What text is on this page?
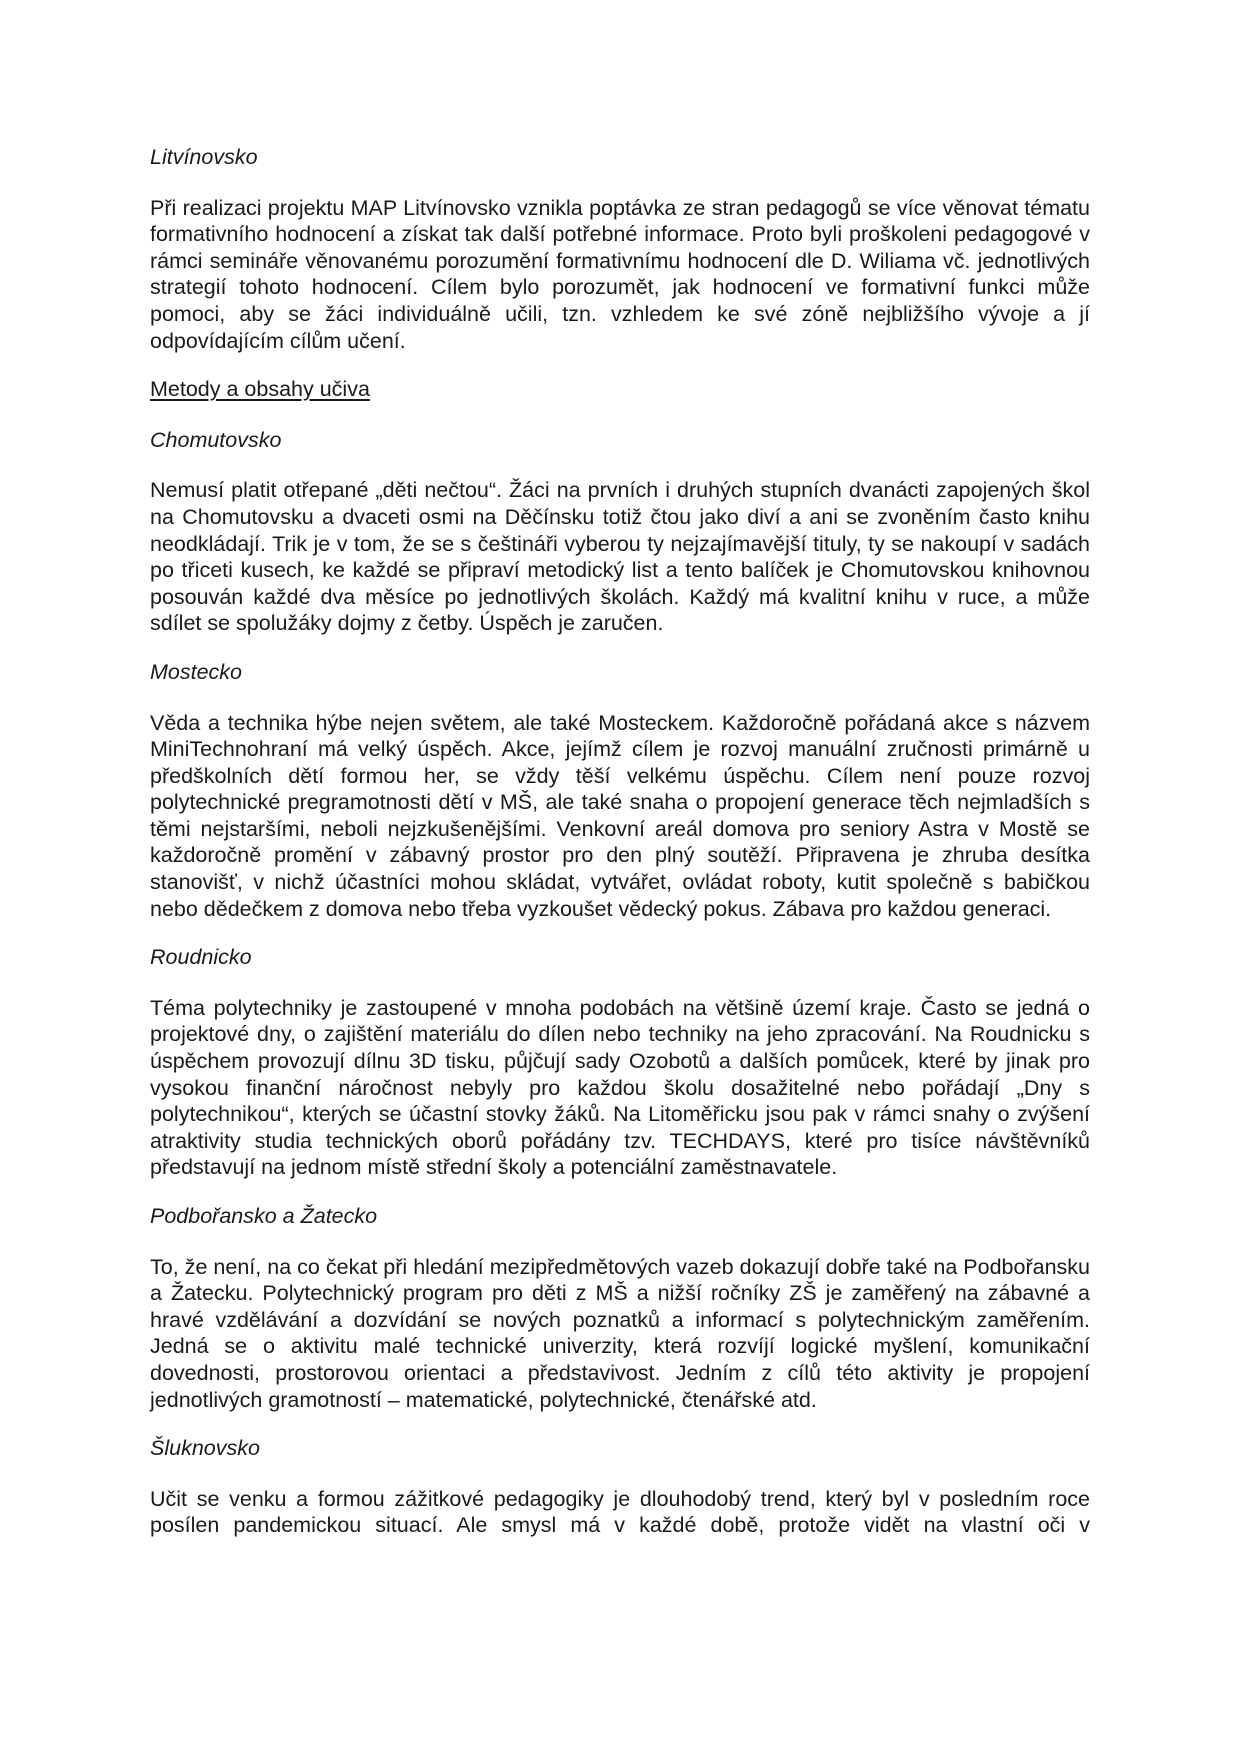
Litvínovsko

Při realizaci projektu MAP Litvínovsko vznikla poptávka ze stran pedagogů se více věnovat tématu formativního hodnocení a získat tak další potřebné informace. Proto byli proškoleni pedagogové v rámci semináře věnovanému porozumění formativnímu hodnocení dle D. Wiliama vč. jednotlivých strategií tohoto hodnocení. Cílem bylo porozumět, jak hodnocení ve formativní funkci může pomoci, aby se žáci individuálně učili, tzn. vzhledem ke své zóně nejbližšího vývoje a jí odpovídajícím cílům učení.

Metody a obsahy učiva

Chomutovsko

Nemusí platit otřepané „děti nečtou“. Žáci na prvních i druhých stupních dvanácti zapojených škol na Chomutovsku a dvaceti osmi na Děčínsku totiž čtou jako diví a ani se zvoněním často knihu neodkládají. Trik je v tom, že se s češtináři vyberou ty nejzajímavější tituly, ty se nakoupí v sadách po třiceti kusech, ke každé se připraví metodický list a tento balíček je Chomutovskou knihovnou posouván každé dva měsíce po jednotlivých školách. Každý má kvalitní knihu v ruce, a může sdílet se spolužáky dojmy z četby. Úspěch je zaručen.

Mostecko

Věda a technika hýbe nejen světem, ale také Mosteckem. Každoročně pořádaná akce s názvem MiniTechnohraní má velký úspěch. Akce, jejímž cílem je rozvoj manuální zručnosti primárně u předškolních dětí formou her, se vždy těší velkému úspěchu. Cílem není pouze rozvoj polytechnické pregramotnosti dětí v MŠ, ale také snaha o propojení generace těch nejmladších s těmi nejstaršími, neboli nejzkušenějšími. Venkovní areál domova pro seniory Astra v Mostě se každoročně promění v zábavný prostor pro den plný soutěží. Připravena je zhruba desítka stanovišť, v nichž účastníci mohou skládat, vytvářet, ovládat roboty, kutit společně s babičkou nebo dědečkem z domova nebo třeba vyzkoušet vědecký pokus. Zábava pro každou generaci.

Roudnicko

Téma polytechniky je zastoupené v mnoha podobách na většině území kraje. Často se jedná o projektové dny, o zajištění materiálu do dílen nebo techniky na jeho zpracování. Na Roudnicku s úspěchem provozují dílnu 3D tisku, půjčují sady Ozobotů a dalších pomůcek, které by jinak pro vysokou finanční náročnost nebyly pro každou školu dosažitelné nebo pořádají „Dny s polytechnikou“, kterých se účastní stovky žáků. Na Litoměřicku jsou pak v rámci snahy o zvýšení atraktivity studia technických oborů pořádány tzv. TECHDAYS, které pro tisíce návštěvníků představují na jednom místě střední školy a potenciální zaměstnavatele.

Podbořansko a Žatecko

To, že není, na co čekat při hledání mezipředmětových vazeb dokazují dobře také na Podbořansku a Žatecku. Polytechnický program pro děti z MŠ a nižší ročníky ZŠ je zaměřený na zábavné a hravé vzdělávání a dozvídání se nových poznatků a informací s polytechnickým zaměřením. Jedná se o aktivitu malé technické univerzity, která rozvíjí logické myšlení, komunikační dovednosti, prostorovou orientaci a představivost. Jedním z cílů této aktivity je propojení jednotlivých gramotností – matematické, polytechnické, čtenářské atd.

Šluknovsko

Učit se venku a formou zážitkové pedagogiky je dlouhodobý trend, který byl v posledním roce posílen pandemickou situací. Ale smysl má v každé době, protože vidět na vlastní oči v
